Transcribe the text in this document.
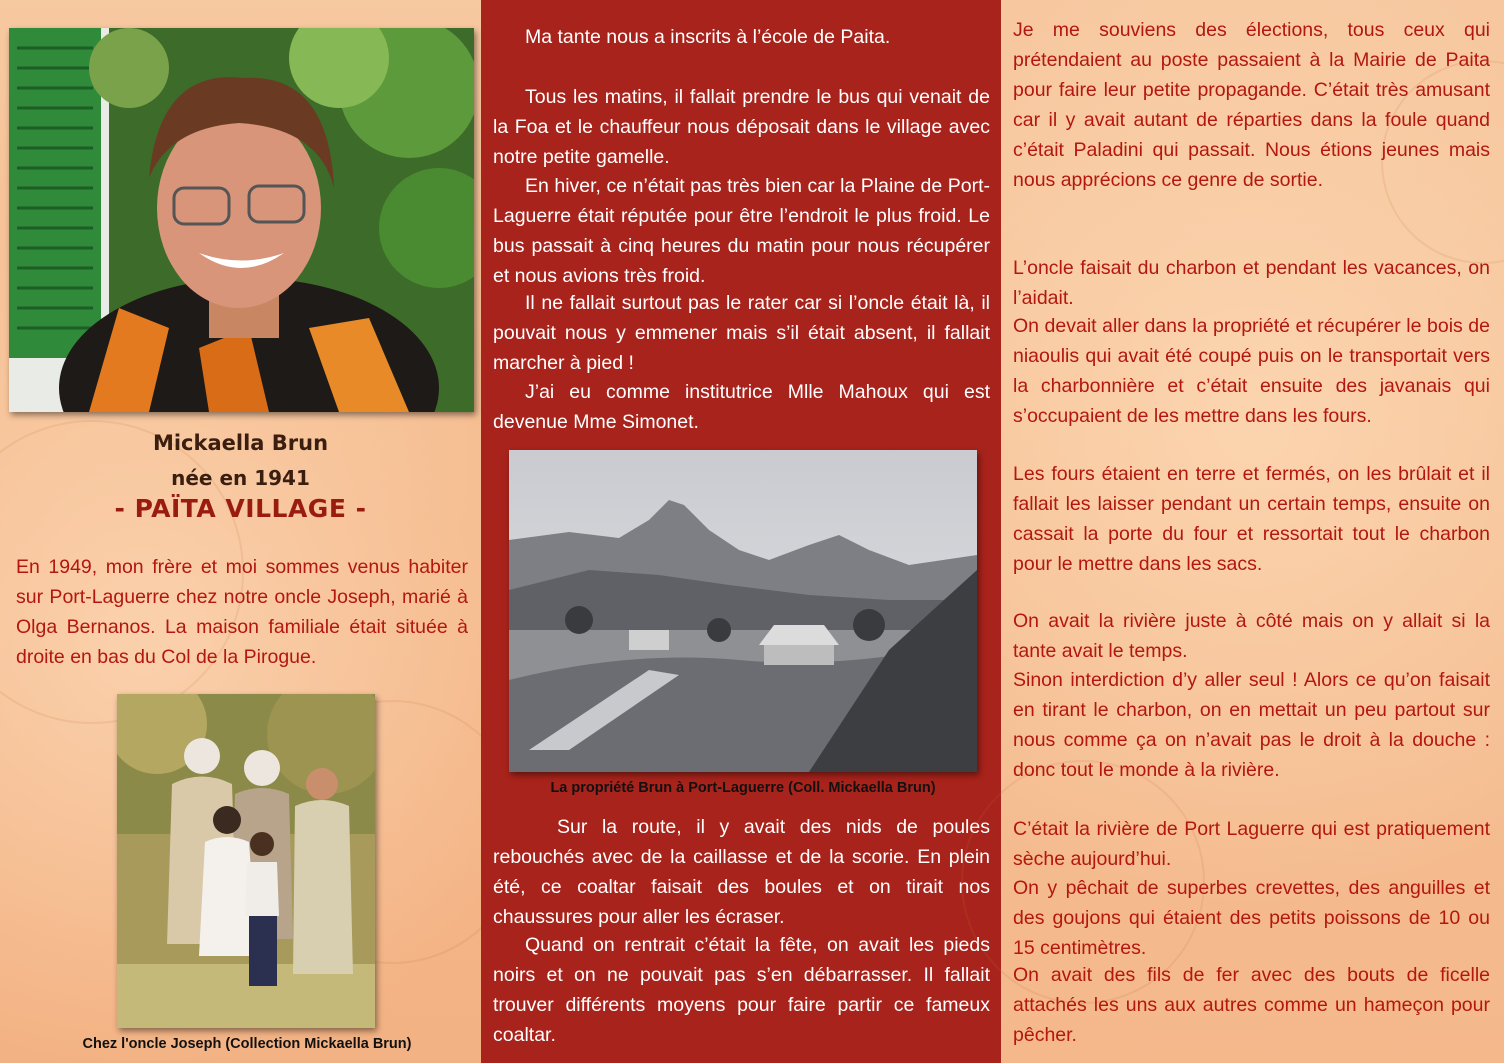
Mickaella Brun
née en 1941
- PAÏTA VILLAGE -

En 1949, mon frère et moi sommes venus habiter sur Port-Laguerre chez notre oncle Joseph, marié à Olga Bernanos. La maison familiale était située à droite en bas du Col de la Pirogue.

Chez l'oncle Joseph (Collection Mickaella Brun)

Ma tante nous a inscrits à l’école de Paita.

Tous les matins, il fallait prendre le bus qui venait de la Foa et le chauffeur nous déposait dans le village avec notre petite gamelle.

En hiver, ce n’était pas très bien car la Plaine de Port-Laguerre était réputée pour être l’endroit le plus froid. Le bus passait à cinq heures du matin pour nous récupérer et nous avions très froid.

Il ne fallait surtout pas le rater car si l’oncle était là, il pouvait nous y emmener mais s’il était absent, il fallait marcher à pied !

J’ai eu comme institutrice Mlle Mahoux qui est devenue Mme Simonet.

La propriété Brun à Port-Laguerre (Coll. Mickaella Brun)

Sur la route, il y avait des nids de poules rebouchés avec de la caillasse et de la scorie. En plein été, ce coaltar faisait des boules et on tirait nos chaussures pour aller les écraser.

Quand on rentrait c’était la fête, on avait les pieds noirs et on ne pouvait pas s’en débarrasser. Il fallait trouver différents moyens pour faire partir ce fameux coaltar.

Je me souviens des élections, tous ceux qui prétendaient au poste passaient à la Mairie de Paita pour faire leur petite propagande. C’était très amusant car il y avait autant de réparties dans la foule quand c’était Paladini qui passait. Nous étions jeunes mais nous apprécions ce genre de sortie.

L’oncle faisait du charbon et pendant les vacances, on l’aidait.

On devait aller dans la propriété et récupérer le bois de niaoulis qui avait été coupé puis on le transportait vers la charbonnière et c’était ensuite des javanais qui s’occupaient de les mettre dans les fours.

Les fours étaient en terre et fermés, on les brûlait et il fallait les laisser pendant un certain temps, ensuite on cassait la porte du four et ressortait tout le charbon pour le mettre dans les sacs.

On avait la rivière juste à côté mais on y allait si la tante avait le temps.

Sinon interdiction d’y aller seul ! Alors ce qu’on faisait en tirant le charbon, on en mettait un peu partout sur nous comme ça on n’avait pas le droit à la douche : donc tout le monde à la rivière.

C’était la rivière de Port Laguerre qui est pratiquement sèche aujourd’hui.

On y pêchait de superbes crevettes, des anguilles et des goujons qui étaient des petits poissons de 10 ou 15 centimètres.

On avait des fils de fer avec des bouts de ficelle attachés les uns aux autres comme un hameçon pour pêcher.
